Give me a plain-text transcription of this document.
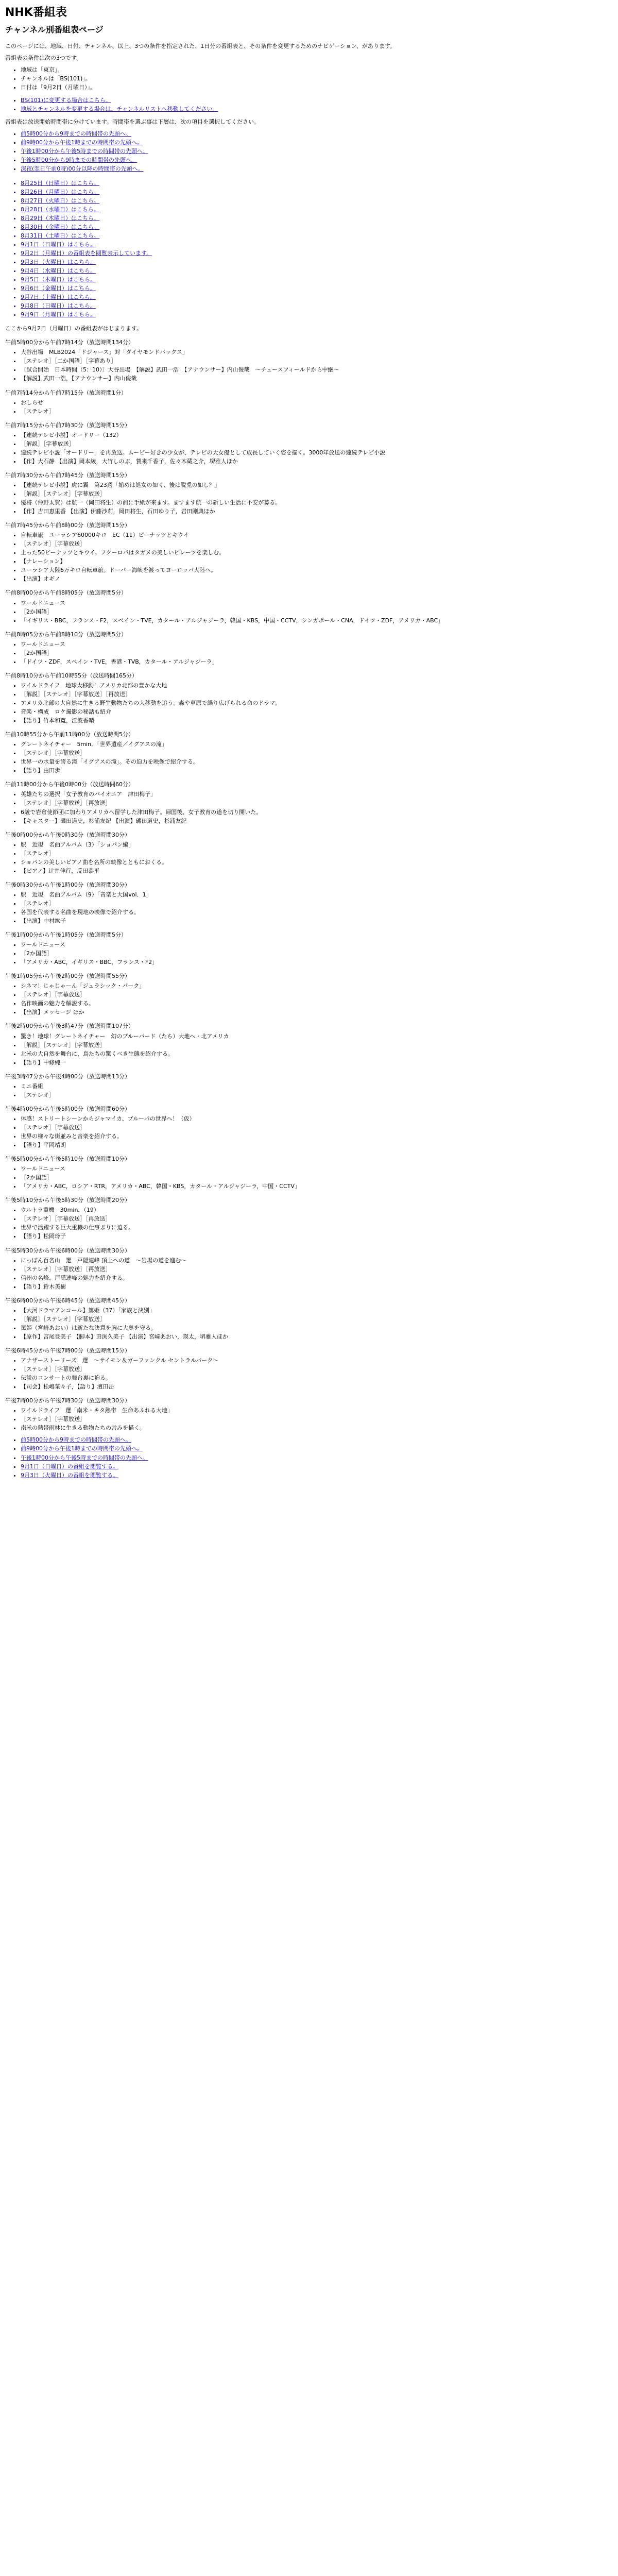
NHK番組表
チャンネル別番組表ページ

このページには、地域、日付、チャンネル、以上、3つの条件を指定された、1日分の番組表と、その条件を変更するためのナビゲーション、があります。

番組表の条件は次の3つです。

• 地域は「東京」。
• チャンネルは「BS(101)」。
• 日付は「9月2日（月曜日）」。
• BS(101)に変更する場合はこちら。
• 地域とチャンネルを変更する場合は、チャンネルリストへ移動してください。

番組表は放送開始時間帯に分けています。時間帯を選ぶ事は下層は、次の項目を選択してください。

• 前5時00分から9時までの時間帯の先頭へ。
• 前9時00分から午後1時までの時間帯の先頭へ。
• 午後1時00分から午後5時までの時間帯の先頭へ。
• 午後5時00分から9時までの時間帯の先頭へ。
• 深夜(翌日午前0時)00分以降の時間帯の先頭へ。
• 8月25日（日曜日）はこちら。
• 8月26日（月曜日）はこちら。
• 8月27日（火曜日）はこちら。
• 8月28日（水曜日）はこちら。
• 8月29日（木曜日）はこちら。
• 8月30日（金曜日）はこちら。
• 8月31日（土曜日）はこちら。
• 9月1日（日曜日）はこちら。
• 9月2日（月曜日）の番組表を閲覧表示しています。
• 9月3日（火曜日）はこちら。
• 9月4日（水曜日）はこちら。
• 9月5日（木曜日）はこちら。
• 9月6日（金曜日）はこちら。
• 9月7日（土曜日）はこちら。
• 9月8日（日曜日）はこちら。
• 9月9日（月曜日）はこちら。

ここから9月2日（月曜日）の番組表がはじまります。

午前5時00分から午前7時14分（放送時間134分）

• 大谷出場　MLB2024「ドジャース」対「ダイヤモンドバックス」
• ［ステレオ］［二か国語］［字幕あり］
• 〔試合開始　日本時間（5：10）〕大谷出場　【解説】武田一浩　【アナウンサー】内山俊哉　～チェースフィールドから中継～
• 【解説】武田一浩，【アナウンサー】内山俊哉

午前7時14分から午前7時15分（放送時間1分）

• おしらせ
• ［ステレオ］

午前7時15分から午前7時30分（放送時間15分）

• 【連続テレビ小説】オードリー（132）
• ［解説］［字幕放送］
• 連続テレビ小説「オードリー」を再放送。ムービー好きの少女が、テレビの大女優として成長していく姿を描く。3000年放送の連続テレビ小説
• 【作】大石静 【出演】岡本綾，大竹しのぶ，賀来千香子，佐々木蔵之介，堺雅人ほか

午前7時30分から午前7時45分（放送時間15分）

• 【連続テレビ小説】虎に翼　第23週「始めは処女の如く、後は脱兎の如し？」
• ［解説］［ステレオ］［字幕放送］
• 優将（仲野太賀）は航一（岡田将生）の前に手紙が来ます。ますます航一の新しい生活に不安が募る。
• 【作】吉田恵里香 【出演】伊藤沙莉，岡田将生，石田ゆり子，岩田剛典ほか

午前7時45分から午前8時00分（放送時間15分）

• 自転車旅　ユーラシア60000キロ　EC（11）ピーナッツとキウイ
• ［ステレオ］［字幕放送］
• 上った50ピーナッツとキウイ。フクーロバはタガメの美しいピレーツを楽しむ。
• 【ナレーション】
• ユーラシア大陸6万キロ自転車旅。ドーバー海峡を渡ってヨーロッパ大陸へ。
• 【出演】オギノ

午前8時00分から午前8時05分（放送時間5分）

• ワールドニュース
• ［2か国語］
• 「イギリス・BBC，フランス・F2，スペイン・TVE，カタール・アルジャジーラ，韓国・KBS，中国・CCTV，シンガポール・CNA，ドイツ・ZDF，アメリカ・ABC」

午前8時05分から午前8時10分（放送時間5分）

• ワールドニュース
• ［2か国語］
• 「ドイツ・ZDF，スペイン・TVE，香港・TVB，カタール・アルジャジーラ」

午前8時10分から午前10時55分（放送時間165分）

• ワイルドライフ　地球大移動！アメリカ北部の豊かな大地
• ［解説］［ステレオ］［字幕放送］［再放送］
• アメリカ北部の大自然に生きる野生動物たちの大移動を追う。森や草原で繰り広げられる命のドラマ。
• 音楽・構成　ロケ撮影の秘話も紹介
• 【語り】竹本和寛，江波香晴

午前10時55分から午前11時00分（放送時間5分）

• グレートネイチャー　5min．「世界遺産／イグアスの滝」
• ［ステレオ］［字幕放送］
• 世界一の水量を誇る滝「イグアスの滝」。その迫力を映像で紹介する。
• 【語り】由田歩

午前11時00分から午後0時00分（放送時間60分）

• 英雄たちの選択「女子教育のパイオニア　津田梅子」
• ［ステレオ］［字幕放送］［再放送］
• 6歳で岩倉使節団に加わりアメリカへ留学した津田梅子。帰国後、女子教育の道を切り開いた。
• 【キャスター】磯田道史，杉浦友紀 【出演】磯田道史，杉浦友紀

午後0時00分から午後0時30分（放送時間30分）

• 駅　近現　名曲アルバム（3）「ショパン編」
• ［ステレオ］
• ショパンの美しいピアノ曲を名所の映像とともにおくる。
• 【ピアノ】辻井伸行，反田恭平

午後0時30分から午後1時00分（放送時間30分）

• 駅　近現　名曲アルバム（9）「音楽と大国vol．1」
• ［ステレオ］
• 各国を代表する名曲を現地の映像で紹介する。
• 【出演】中村紘子

午後1時00分から午後1時05分（放送時間5分）

• ワールドニュース
• ［2か国語］
• 「アメリカ・ABC，イギリス・BBC，フランス・F2」

午後1時05分から午後2時00分（放送時間55分）

• シネマ！じゃじゃーん「ジュラシック・パーク」
• ［ステレオ］［字幕放送］
• 名作映画の魅力を解説する。
• 【出演】メッセージ ほか

午後2時00分から午後3時47分（放送時間107分）

• 驚き！地球！グレートネイチャー　幻のブルーバード（たち）大地へ・北アメリカ
• ［解説］［ステレオ］［字幕放送］
• 北米の大自然を舞台に、鳥たちの驚くべき生態を紹介する。
• 【語り】中條純一

午後3時47分から午後4時00分（放送時間13分）

• ミニ番組
• ［ステレオ］

午後4時00分から午後5時00分（放送時間60分）

• 体感！ストリートシーンからジャマイカ、ブルーパの世界へ！（仮）
• ［ステレオ］［字幕放送］
• 世界の様々な街並みと音楽を紹介する。
• 【語り】平岡靖朗

午後5時00分から午後5時10分（放送時間10分）

• ワールドニュース
• ［2か国語］
• 「アメリカ・ABC，ロシア・RTR，アメリカ・ABC，韓国・KBS，カタール・アルジャジーラ，中国・CCTV」

午後5時10分から午後5時30分（放送時間20分）

• ウルトラ重機　30min．（19）
• ［ステレオ］［字幕放送］［再放送］
• 世界で活躍する巨大重機の仕事ぶりに迫る。
• 【語り】松岡玲子

午後5時30分から午後6時00分（放送時間30分）

• にっぽん百名山　選　戸隠連峰 頂上への道　～岩場の道を進む～
• ［ステレオ］［字幕放送］［再放送］
• 信州の名峰、戸隠連峰の魅力を紹介する。
• 【語り】鈴木美樹

午後6時00分から午後6時45分（放送時間45分）

• 【大河ドラマアンコール】篤姫（37）「家族と決別」
• ［解説］［ステレオ］［字幕放送］
• 篤姫（宮﨑あおい）は新たな決意を胸に大奥を守る。
• 【原作】宮尾登美子 【脚本】田渕久美子 【出演】宮﨑あおい，瑛太，堺雅人ほか

午後6時45分から午後7時00分（放送時間15分）

• アナザーストーリーズ　選　～サイモン＆ガーファンクル セントラルパーク～
• ［ステレオ］［字幕放送］
• 伝説のコンサートの舞台裏に迫る。
• 【司会】松嶋菜々子，【語り】濱田岳

午後7時00分から午後7時30分（放送時間30分）

• ワイルドライフ　選「南米・キタ熱帯　生命あふれる大地」
• ［ステレオ］［字幕放送］
• 南米の熱帯雨林に生きる動物たちの営みを描く。
• 前5時00分から9時までの時間帯の先頭へ。
• 前9時00分から午後1時までの時間帯の先頭へ。
• 午後1時00分から午後5時までの時間帯の先頭へ。
• 9月1日（日曜日）の番組を閲覧する。
• 9月3日（火曜日）の番組を閲覧する。
